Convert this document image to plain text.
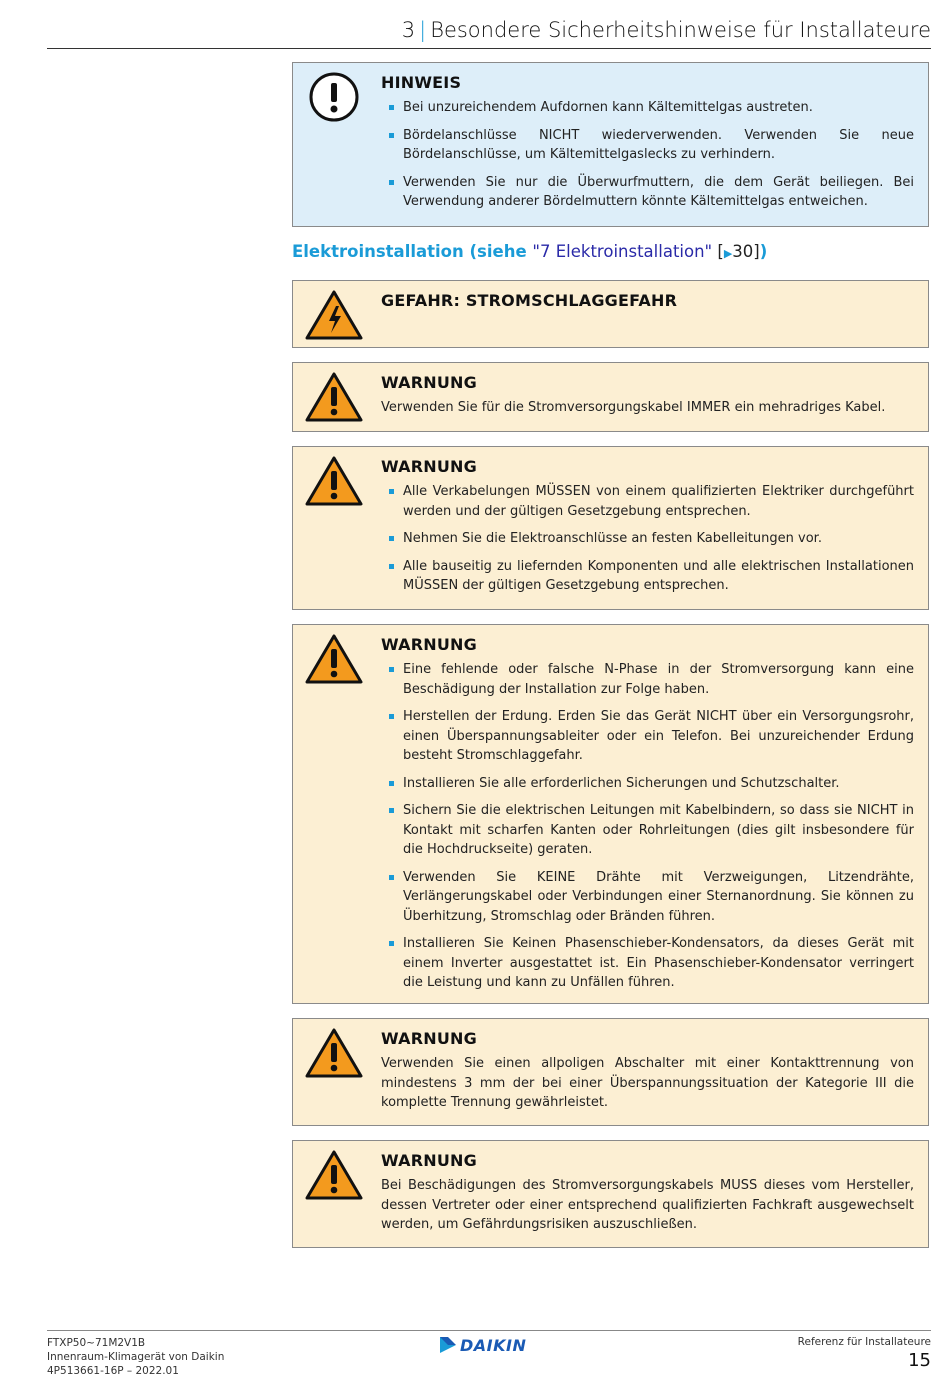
3 | Besondere Sicherheitshinweise für Installateure
HINWEIS
Bei unzureichendem Aufdornen kann Kältemittelgas austreten.
Bördelanschlüsse NICHT wiederverwenden. Verwenden Sie neue Bördelanschlüsse, um Kältemittelgaslecks zu verhindern.
Verwenden Sie nur die Überwurfmuttern, die dem Gerät beiliegen. Bei Verwendung anderer Bördelmuttern könnte Kältemittelgas entweichen.
Elektroinstallation (siehe "7 Elektroinstallation" [▶30])
GEFAHR: STROMSCHLAGGEFAHR
WARNUNG

Verwenden Sie für die Stromversorgungskabel IMMER ein mehradriges Kabel.

WARNUNG
Alle Verkabelungen MÜSSEN von einem qualifizierten Elektriker durchgeführt werden und der gültigen Gesetzgebung entsprechen.
Nehmen Sie die Elektroanschlüsse an festen Kabelleitungen vor.
Alle bauseitig zu liefernden Komponenten und alle elektrischen Installationen MÜSSEN der gültigen Gesetzgebung entsprechen.
WARNUNG
Eine fehlende oder falsche N-Phase in der Stromversorgung kann eine Beschädigung der Installation zur Folge haben.
Herstellen der Erdung. Erden Sie das Gerät NICHT über ein Versorgungsrohr, einen Überspannungsableiter oder ein Telefon. Bei unzureichender Erdung besteht Stromschlaggefahr.
Installieren Sie alle erforderlichen Sicherungen und Schutzschalter.
Sichern Sie die elektrischen Leitungen mit Kabelbindern, so dass sie NICHT in Kontakt mit scharfen Kanten oder Rohrleitungen (dies gilt insbesondere für die Hochdruckseite) geraten.
Verwenden Sie KEINE Drähte mit Verzweigungen, Litzendrähte, Verlängerungskabel oder Verbindungen einer Sternanordnung. Sie können zu Überhitzung, Stromschlag oder Bränden führen.
Installieren Sie Keinen Phasenschieber-Kondensators, da dieses Gerät mit einem Inverter ausgestattet ist. Ein Phasenschieber-Kondensator verringert die Leistung und kann zu Unfällen führen.
WARNUNG

Verwenden Sie einen allpoligen Abschalter mit einer Kontakttrennung von mindestens 3 mm der bei einer Überspannungssituation der Kategorie III die komplette Trennung gewährleistet.

WARNUNG

Bei Beschädigungen des Stromversorgungskabels MUSS dieses vom Hersteller, dessen Vertreter oder einer entsprechend qualifizierten Fachkraft ausgewechselt werden, um Gefährdungsrisiken auszuschließen.

FTXP50~71M2V1B
Innenraum-Klimagerät von Daikin
4P513661-16P – 2022.01
DAIKIN	Referenz für Installateure
15
